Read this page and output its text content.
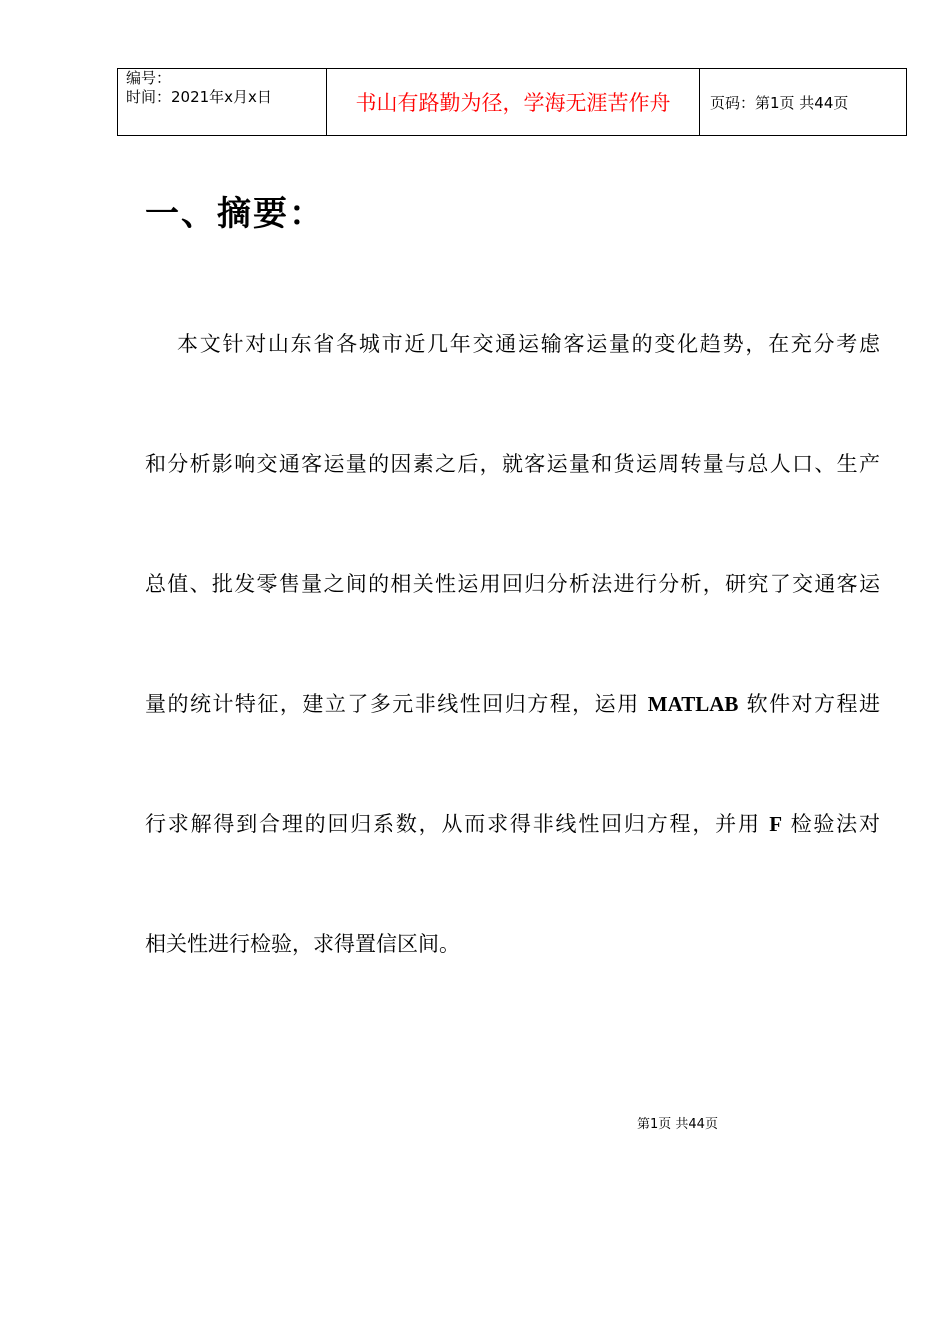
编号：
时间：2021年x月x日	书山有路勤为径，学海无涯苦作舟	页码：第1页 共44页
一、摘要：

本文针对山东省各城市近几年交通运输客运量的变化趋势，在充分考虑

和分析影响交通客运量的因素之后，就客运量和货运周转量与总人口、生产

总值、批发零售量之间的相关性运用回归分析法进行分析，研究了交通客运

量的统计特征，建立了多元非线性回归方程，运用 MATLAB 软件对方程进

行求解得到合理的回归系数，从而求得非线性回归方程，并用 F 检验法对

相关性进行检验，求得置信区间。

第1页 共44页
